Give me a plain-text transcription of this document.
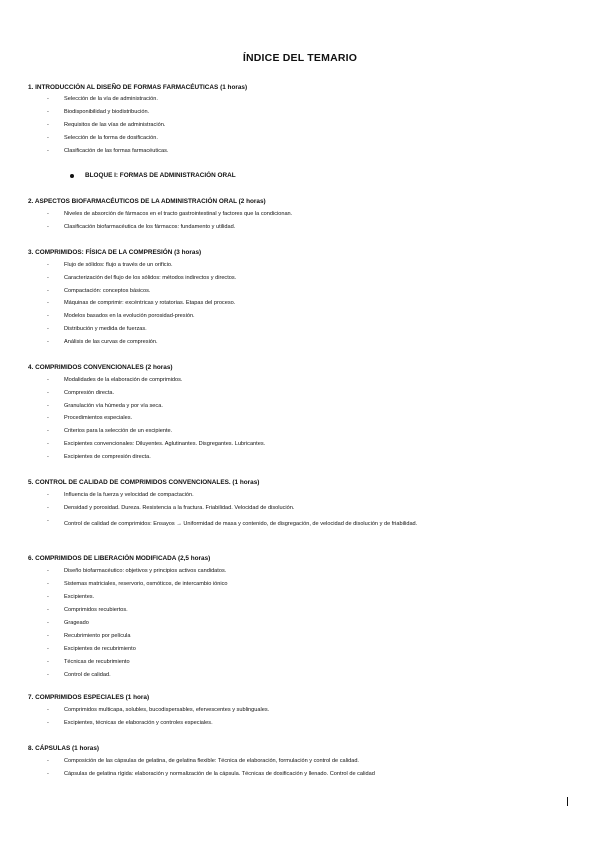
ÍNDICE DEL TEMARIO
1. INTRODUCCIÓN AL DISEÑO DE FORMAS FARMACÉUTICAS (1 horas)
-	Selección de la vía de administración.
-	Biodisponibilidad y biodistribución.
-	Requisitos de las vías de administración.
-	Selección de la forma de dosificación.
-	Clasificación de las formas farmacéuticas.
BLOQUE I: FORMAS DE ADMINISTRACIÓN ORAL
2. ASPECTOS BIOFARMACÉUTICOS DE LA ADMINISTRACIÓN ORAL (2 horas)
-	Niveles de absorción de fármacos en el tracto gastrointestinal y factores que la condicionan.
-	Clasificación biofarmacéutica de los fármacos: fundamento y utilidad.
3. COMPRIMIDOS: FÍSICA DE LA COMPRESIÓN (3 horas)
-	Flujo de sólidos: flujo a través de un orificio.
-	Caracterización del flujo de los sólidos: métodos indirectos y directos.
-	Compactación: conceptos básicos.
-	Máquinas de comprimir: excéntricas y rotatorias. Etapas del proceso.
-	Modelos basados en la evolución porosidad-presión.
-	Distribución y medida de fuerzas.
-	Análisis de las curvas de compresión.
4. COMPRIMIDOS CONVENCIONALES (2 horas)
-	Modalidades de la elaboración de comprimidos.
-	Compresión directa.
-	Granulación vía húmeda y por vía seca.
-	Procedimientos especiales.
-	Criterios para la selección de un excipiente.
-	Excipientes convencionales: Diluyentes. Aglutinantes. Disgregantes. Lubricantes.
-	Excipientes de compresión directa.
5. CONTROL DE CALIDAD DE COMPRIMIDOS CONVENCIONALES. (1 horas)
-	Influencia de la fuerza y velocidad de compactación.
-	Densidad y porosidad. Dureza. Resistencia a la fractura. Friabilidad. Velocidad de disolución.
-	Control de calidad de comprimidos: Ensayos → Uniformidad de masa y contenido, de disgregación, de velocidad de disolución y de friabilidad.
6. COMPRIMIDOS DE LIBERACIÓN MODIFICADA (2,5 horas)
-	Diseño biofarmacéutico: objetivos y principios activos candidatos.
-	Sistemas matriciales, reservorio, osmóticos, de intercambio iónico
-	Excipientes.
-	Comprimidos recubiertos.
-	Grageado
-	Recubrimiento por película
-	Excipientes de recubrimiento
-	Técnicas de recubrimiento
-	Control de calidad.
7. COMPRIMIDOS ESPECIALES (1 hora)
-	Comprimidos multicapa, solubles, bucodispersables, efervescentes y sublinguales.
-	Excipientes, técnicas de elaboración y controles especiales.
8. CÁPSULAS (1 horas)
-	Composición de las cápsulas de gelatina, de gelatina flexible: Técnica de elaboración, formulación y control de calidad.
-	Cápsulas de gelatina rígida: elaboración y normalización de la cápsula. Técnicas de dosificación y llenado. Control de calidad
